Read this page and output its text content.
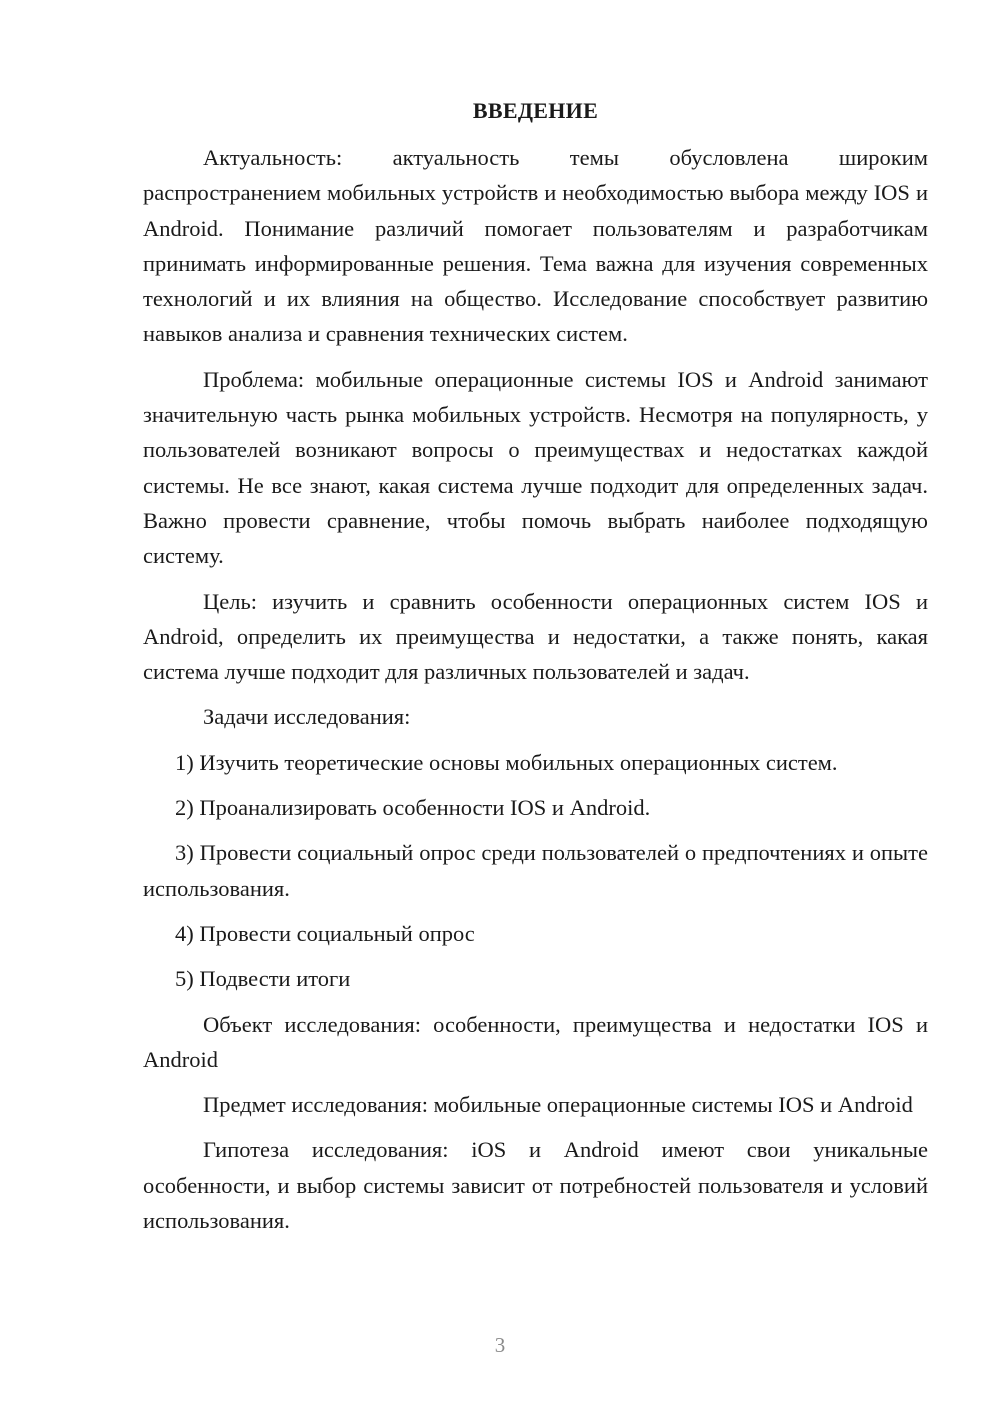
ВВЕДЕНИЕ

Актуальность: актуальность темы обусловлена широким распространением мобильных устройств и необходимостью выбора между IOS и Android. Понимание различий помогает пользователям и разработчикам принимать информированные решения. Тема важна для изучения современных технологий и их влияния на общество. Исследование способствует развитию навыков анализа и сравнения технических систем.

Проблема: мобильные операционные системы IOS и Android занимают значительную часть рынка мобильных устройств. Несмотря на популярность, у пользователей возникают вопросы о преимуществах и недостатках каждой системы. Не все знают, какая система лучше подходит для определенных задач. Важно провести сравнение, чтобы помочь выбрать наиболее подходящую систему.

Цель: изучить и сравнить особенности операционных систем IOS и Android, определить их преимущества и недостатки, а также понять, какая система лучше подходит для различных пользователей и задач.

Задачи исследования:

1) Изучить теоретические основы мобильных операционных систем.

2) Проанализировать особенности IOS и Android.

3) Провести социальный опрос среди пользователей о предпочтениях и опыте использования.

4) Провести социальный опрос

5) Подвести итоги

Объект исследования: особенности, преимущества и недостатки IOS и Android

Предмет исследования: мобильные операционные системы IOS и Android

Гипотеза исследования: iOS и Android имеют свои уникальные особенности, и выбор системы зависит от потребностей пользователя и условий использования.

3
